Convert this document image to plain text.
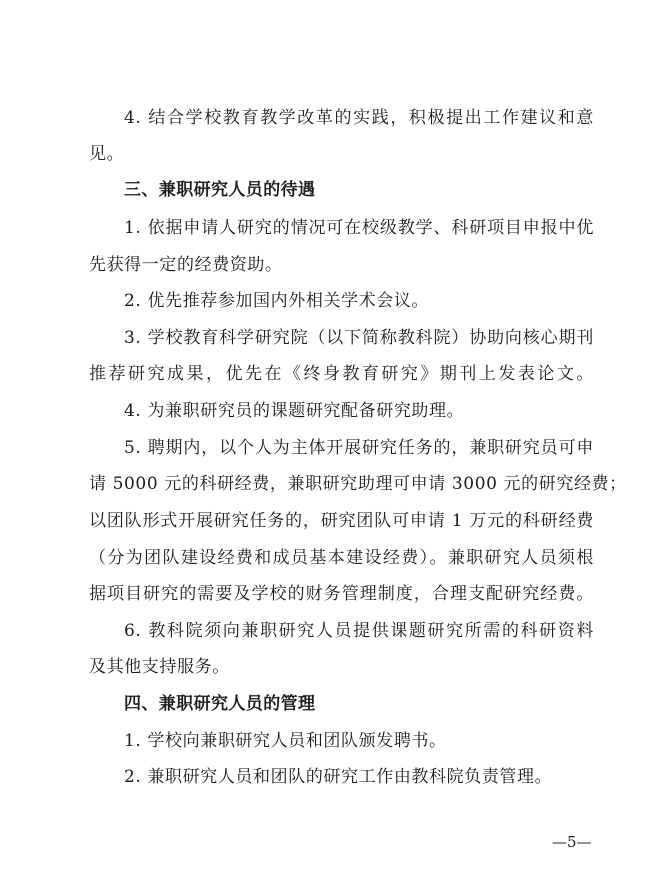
4. 结合学校教育教学改革的实践，积极提出工作建议和意
见。
三、兼职研究人员的待遇
1. 依据申请人研究的情况可在校级教学、科研项目申报中优
先获得一定的经费资助。
2. 优先推荐参加国内外相关学术会议。
3. 学校教育科学研究院（以下简称教科院）协助向核心期刊
推荐研究成果，优先在《终身教育研究》期刊上发表论文。
4. 为兼职研究员的课题研究配备研究助理。
5. 聘期内，以个人为主体开展研究任务的，兼职研究员可申
请 5000 元的科研经费，兼职研究助理可申请 3000 元的研究经费；
以团队形式开展研究任务的，研究团队可申请 1 万元的科研经费
（分为团队建设经费和成员基本建设经费）。兼职研究人员须根
据项目研究的需要及学校的财务管理制度，合理支配研究经费。
6. 教科院须向兼职研究人员提供课题研究所需的科研资料
及其他支持服务。
四、兼职研究人员的管理
1. 学校向兼职研究人员和团队颁发聘书。
2. 兼职研究人员和团队的研究工作由教科院负责管理。
—5—
